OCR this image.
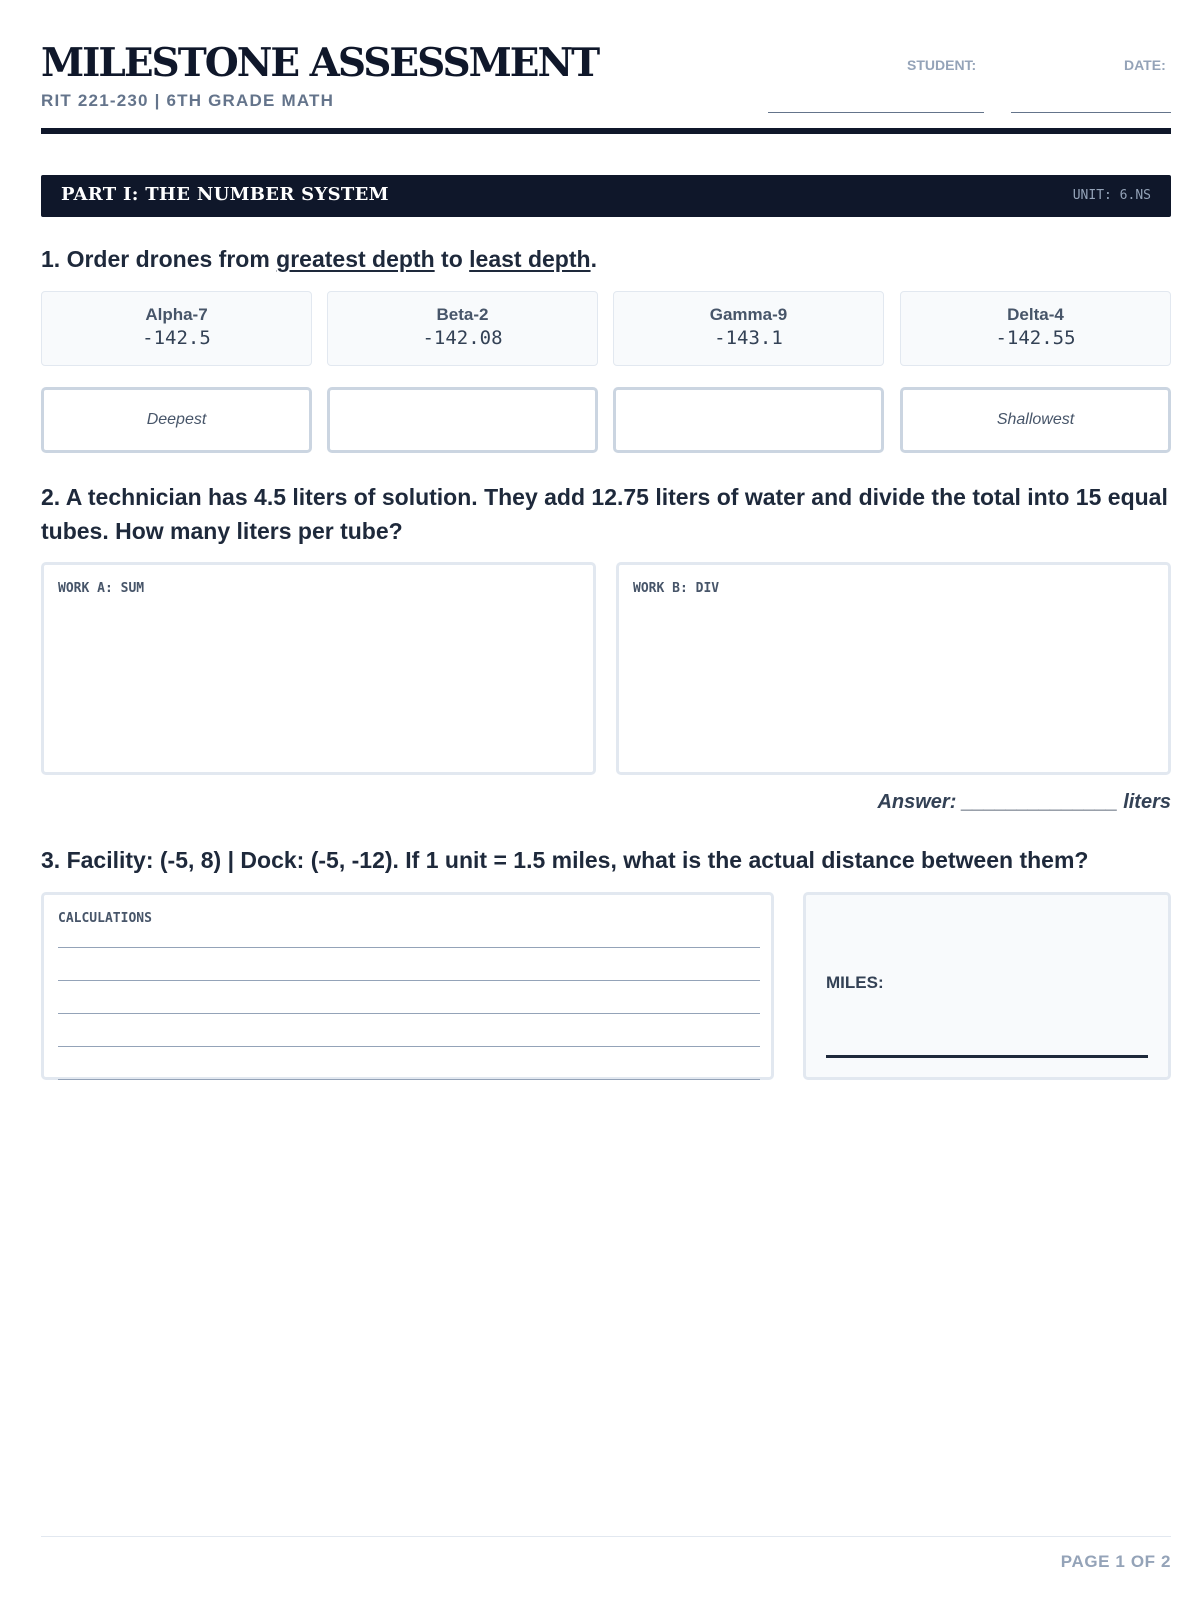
MILESTONE ASSESSMENT
RIT 221-230 | 6TH GRADE MATH
STUDENT:	DATE:
PART I: THE NUMBER SYSTEM	UNIT: 6.NS
1. Order drones from greatest depth to least depth.
Alpha-7
-142.5
Beta-2
-142.08
Gamma-9
-143.1
Delta-4
-142.55
Deepest	Shallowest
2. A technician has 4.5 liters of solution. They add 12.75 liters of water and divide the total into 15 equal tubes. How many liters per tube?
WORK A: SUM	WORK B: DIV
Answer: ______________ liters
3. Facility: (-5, 8) | Dock: (-5, -12). If 1 unit = 1.5 miles, what is the actual distance between them?
CALCULATIONS
MILES:
PAGE 1 OF 2
